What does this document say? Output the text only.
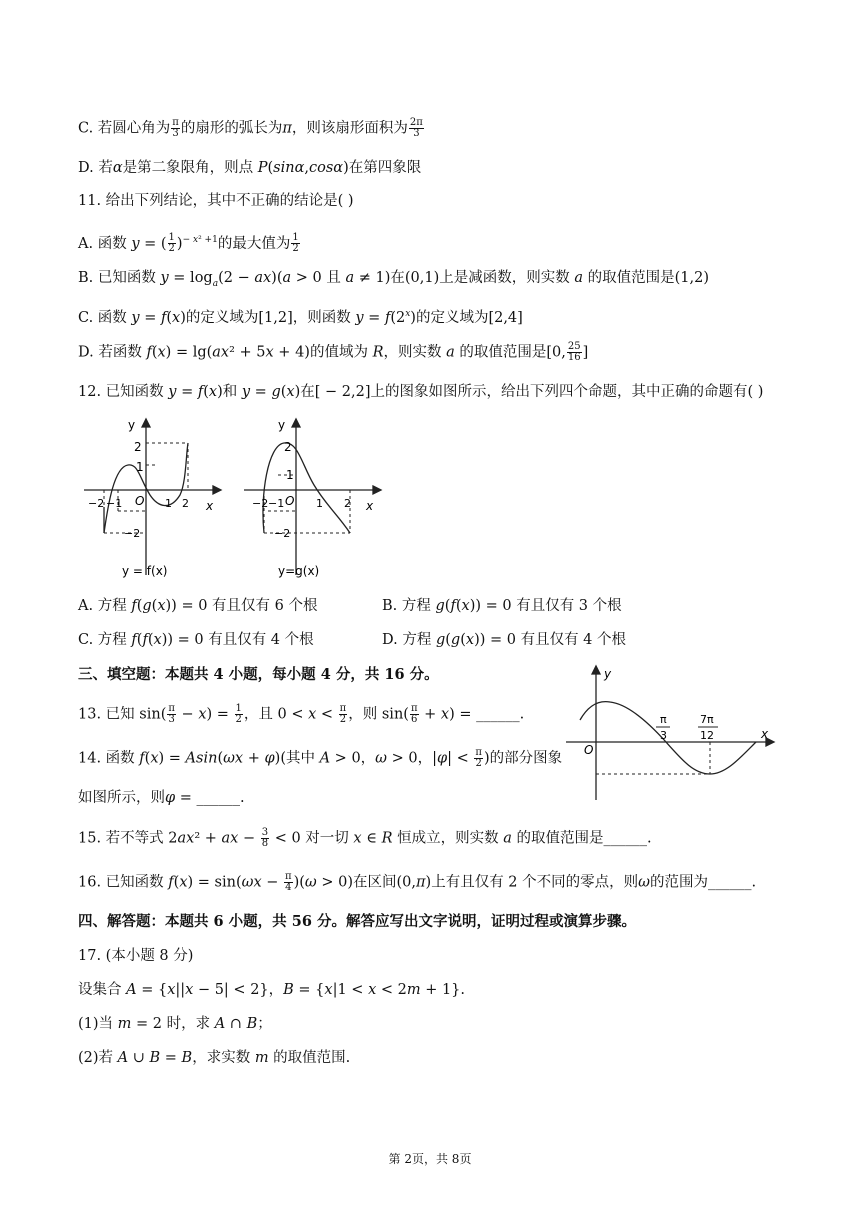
C. 若圆心角为 $\frac{\pi}{3}$ 的扇形的弧长为π，则该扇形面积为 $\frac{2\pi}{3}$
D. 若α是第二象限角，则点 P(sinα,cosα)在第四象限
11. 给出下列结论，其中不正确的结论是( )
A. 函数 y = ( $\frac{1}{2} )^{- x^2 +1}$的最大值为 $\frac{1}{2}$
B. 已知函数 $y = \log_a(2 - ax)(a > 0$ 且 a ≠ 1)在(0,1)上是减函数，则实数 a 的取值范围是(1,2)
C. 函数 y = f(x)的定义域为[1,2]，则函数 $y = f(2^x)$的定义域为[2,4]
D. 若函数 f(x) = lg(ax² + 5x + 4)的值域为 R，则实数 a 的取值范围是[0, $\frac{25}{16}$ ]
12. 已知函数 y = f(x)和 y = g(x)在[ − 2,2]上的图象如图所示，给出下列四个命题，其中正确的命题有( )
y
2
1
O
−2 −1	1 2
−2
x
y = f(x)
y
2
1
O
−2 −1	1 2
−2
x
y=g(x)
A. 方程 f(g(x)) = 0 有且仅有 6 个根	B. 方程 g(f(x)) = 0 有且仅有 3 个根
C. 方程 f(f(x)) = 0 有且仅有 4 个根	D. 方程 g(g(x)) = 0 有且仅有 4 个根
三、填空题：本题共 4 小题，每小题 4 分，共 16 分。
13. 已知 $\sin( \frac{\pi}{3} - x) = \frac{1}{2}$ ，且 $0 < x < \frac{\pi}{2}$ ，则 $\sin( \frac{\pi}{6} + x)$ = ______.
y
O
x
π
3
7π
12
14. 函数 f(x) = Asin(ωx + φ)(其中 A > 0，ω > 0，$|\varphi| < \frac{\pi}{2}$ )的部分图象
如图所示，则φ = ______.
15. 若不等式 2ax² + ax − $\frac{3}{8} < 0$ 对一切 x ∈ R 恒成立，则实数 a 的取值范围是______.
16. 已知函数 $f(x) = \sin(\omega x - \frac{\pi}{4} )(\omega > 0)$在区间(0,π)上有且仅有 2 个不同的零点，则ω的范围为______.
四、解答题：本题共 6 小题，共 56 分。解答应写出文字说明，证明过程或演算步骤。
17. (本小题 8 分)
设集合 A = {x||x − 5| < 2}，B = {x|1 < x < 2m + 1}.
(1)当 m = 2 时，求 A ∩ B；
(2)若 A ∪ B = B，求实数 m 的取值范围.
第 2页，共 8页
